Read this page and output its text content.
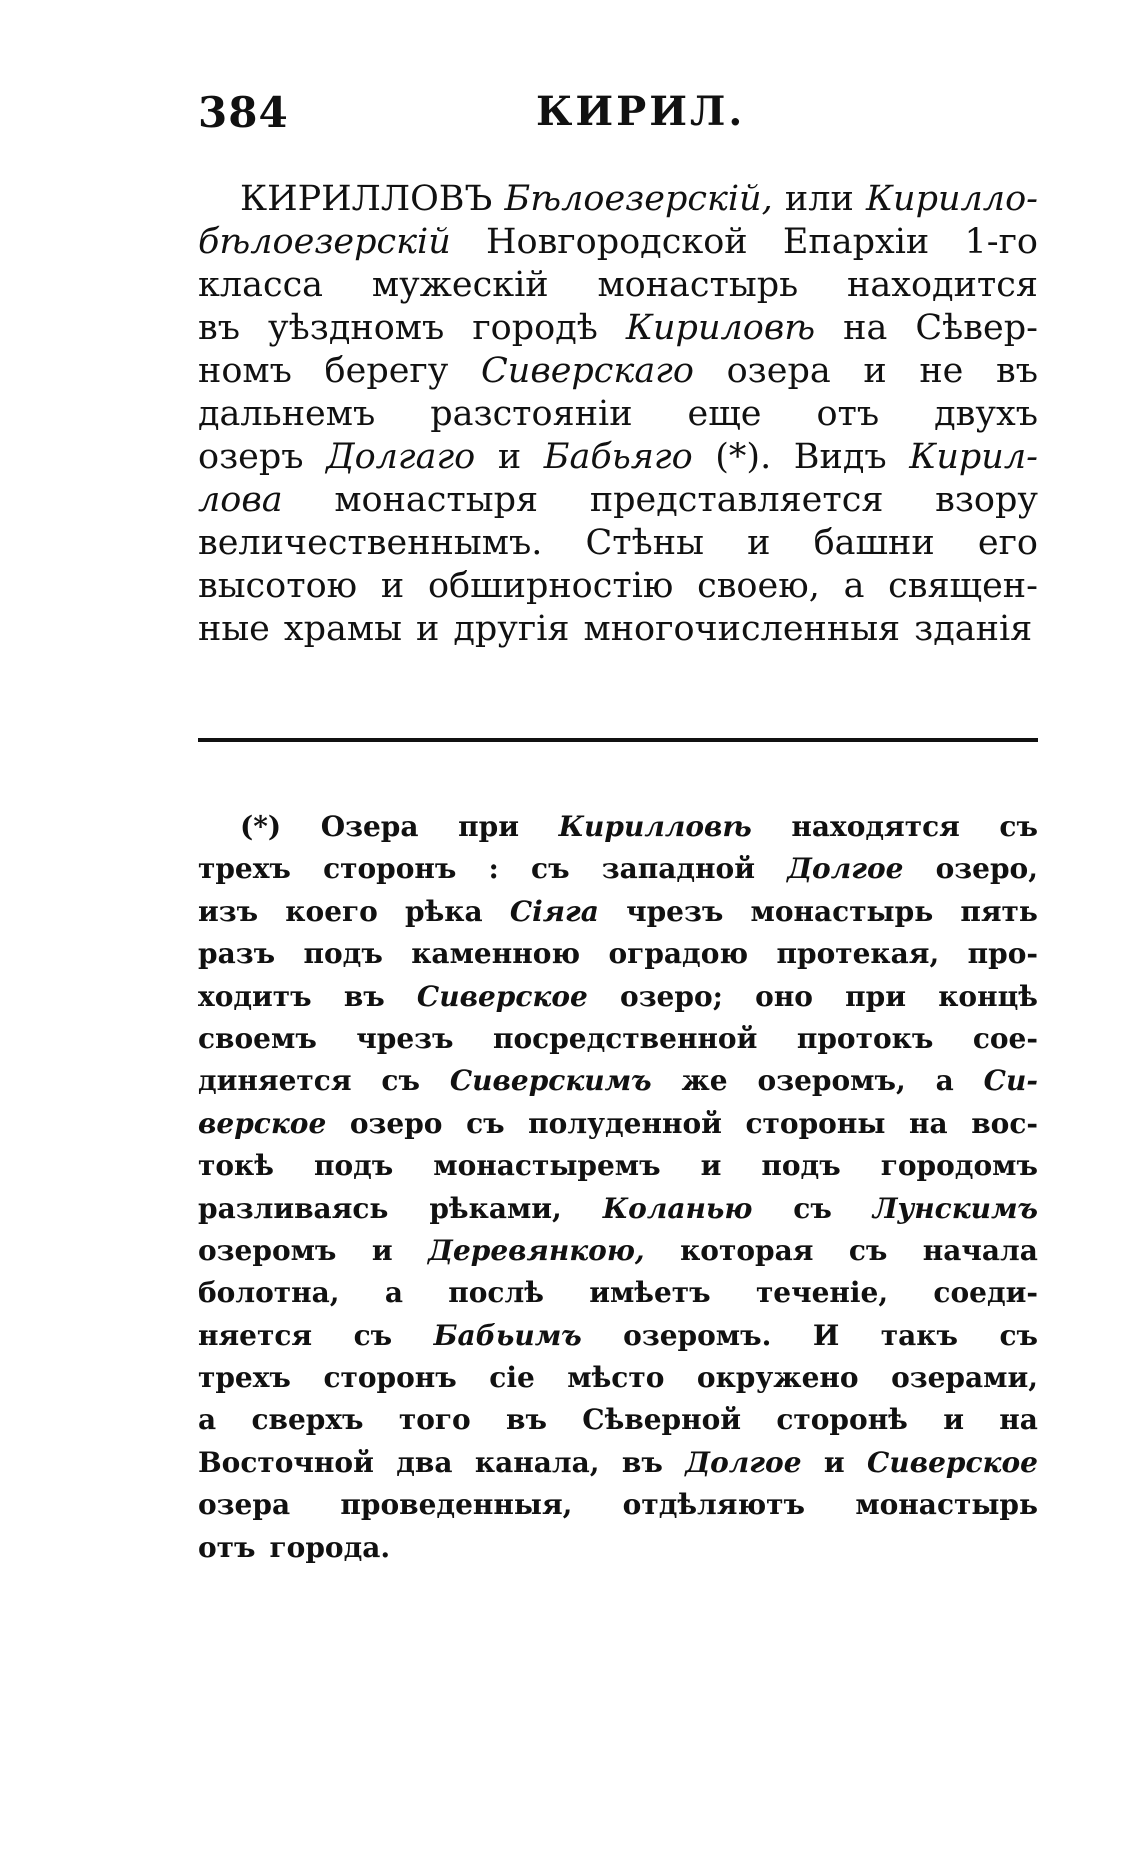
384	КИРИЛ.
КИРИЛЛОВЪ Бѣлоезерскій, или Кирилло-
бѣлоезерскій Новгородской Епархіи 1-го
класса мужескій монастырь находится
въ уѣздномъ городѣ Кириловѣ на Сѣвер-
номъ берегу Сиверскаго озера и не въ
дальнемъ разстояніи еще отъ двухъ
озеръ Долгаго и Бабьяго (*). Видъ Кирил-
лова монастыря представляется взору
величественнымъ. Стѣны и башни его
высотою и обширностію своею, а священ-
ные храмы и другія многочисленныя зданія
(*) Озера при Кирилловѣ находятся съ
трехъ сторонъ : съ западной Долгое озеро,
изъ коего рѣка Сіяга чрезъ монастырь пять
разъ подъ каменною оградою протекая, про-
ходитъ въ Сиверское озеро; оно при концѣ
своемъ чрезъ посредственной протокъ сое-
диняется съ Сиверскимъ же озеромъ, а Си-
верское озеро съ полуденной стороны на вос-
токѣ подъ монастыремъ и подъ городомъ
разливаясь рѣками, Коланью съ Лунскимъ
озеромъ и Деревянкою, которая съ начала
болотна, а послѣ имѣетъ теченіе, соеди-
няется съ Бабьимъ озеромъ. И такъ съ
трехъ сторонъ сіе мѣсто окружено озерами,
а сверхъ того въ Сѣверной сторонѣ и на
Восточной два канала, въ Долгое и Сиверское
озера проведенныя, отдѣляютъ монастырь
отъ города.
